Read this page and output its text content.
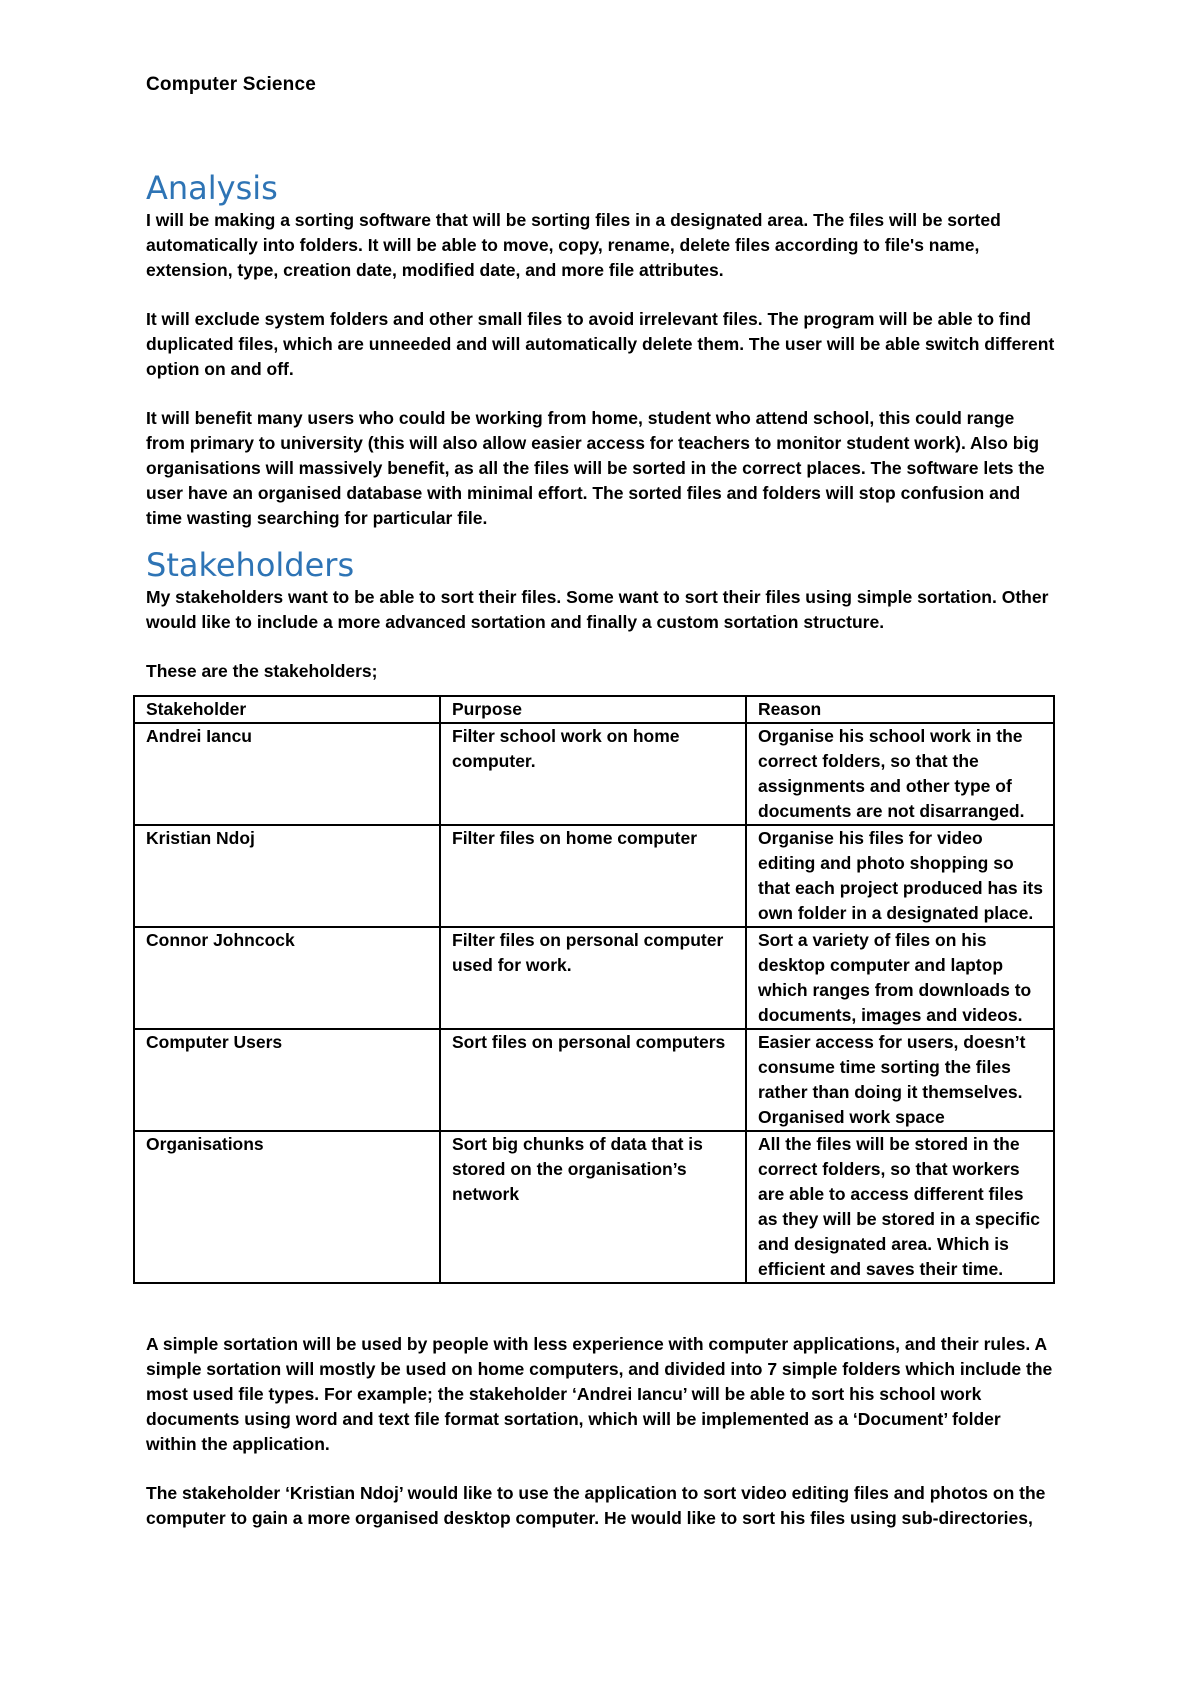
Computer Science
Analysis

I will be making a sorting software that will be sorting files in a designated area. The files will be sorted automatically into folders. It will be able to move, copy, rename, delete files according to file's name, extension, type, creation date, modified date, and more file attributes.

It will exclude system folders and other small files to avoid irrelevant files. The program will be able to find duplicated files, which are unneeded and will automatically delete them. The user will be able switch different option on and off.

It will benefit many users who could be working from home, student who attend school, this could range from primary to university (this will also allow easier access for teachers to monitor student work). Also big organisations will massively benefit, as all the files will be sorted in the correct places. The software lets the user have an organised database with minimal effort. The sorted files and folders will stop confusion and time wasting searching for particular file.

Stakeholders

My stakeholders want to be able to sort their files. Some want to sort their files using simple sortation. Other would like to include a more advanced sortation and finally a custom sortation structure.

These are the stakeholders;

Stakeholder	Purpose	Reason
Andrei Iancu	Filter school work on home computer.	Organise his school work in the correct folders, so that the assignments and other type of documents are not disarranged.
Kristian Ndoj	Filter files on home computer	Organise his files for video editing and photo shopping so that each project produced has its own folder in a designated place.
Connor Johncock	Filter files on personal computer used for work.	Sort a variety of files on his desktop computer and laptop which ranges from downloads to documents, images and videos.
Computer Users	Sort files on personal computers	Easier access for users, doesn’t consume time sorting the files rather than doing it themselves. Organised work space
Organisations	Sort big chunks of data that is stored on the organisation’s network	All the files will be stored in the correct folders, so that workers are able to access different files as they will be stored in a specific and designated area. Which is efficient and saves their time.

A simple sortation will be used by people with less experience with computer applications, and their rules. A simple sortation will mostly be used on home computers, and divided into 7 simple folders which include the most used file types. For example; the stakeholder ‘Andrei Iancu’ will be able to sort his school work documents using word and text file format sortation, which will be implemented as a ‘Document’ folder within the application.

The stakeholder ‘Kristian Ndoj’ would like to use the application to sort video editing files and photos on the computer to gain a more organised desktop computer. He would like to sort his files using sub-directories,
